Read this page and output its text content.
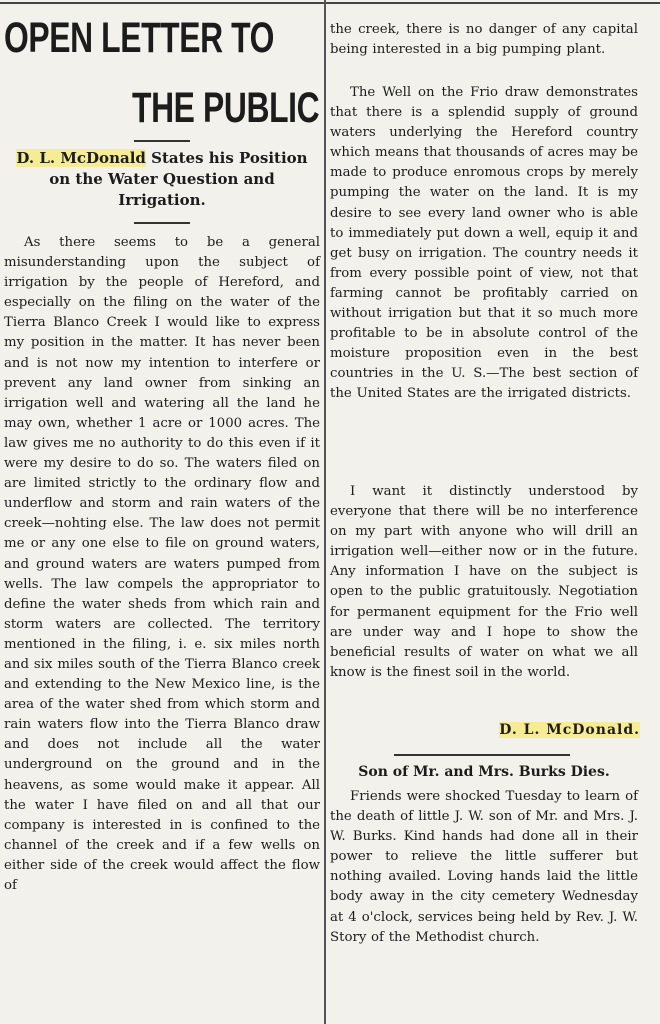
OPEN LETTER TO
THE PUBLIC
D. L. McDonald States his Position on the Water Question and Irrigation.

As there seems to be a general misunderstanding upon the subject of irrigation by the people of Hereford, and especially on the filing on the water of the Tierra Blanco Creek I would like to express my position in the matter. It has never been and is not now my intention to interfere or prevent any land owner from sinking an irrigation well and watering all the land he may own, whether 1 acre or 1000 acres. The law gives me no authority to do this even if it were my desire to do so. The waters filed on are limited strictly to the ordinary flow and underflow and storm and rain waters of the creek—nohting else. The law does not permit me or any one else to file on ground waters, and ground waters are waters pumped from wells. The law compels the appropriator to define the water sheds from which rain and storm waters are collected. The territory mentioned in the filing, i. e. six miles north and six miles south of the Tierra Blanco creek and extending to the New Mexico line, is the area of the water shed from which storm and rain waters flow into the Tierra Blanco draw and does not include all the water underground on the ground and in the heavens, as some would make it appear. All the water I have filed on and all that our company is interested in is confined to the channel of the creek and if a few wells on either side of the creek would affect the flow of

the creek, there is no danger of any capital being interested in a big pumping plant.

The Well on the Frio draw demonstrates that there is a splendid supply of ground waters underlying the Hereford country which means that thousands of acres may be made to produce enromous crops by merely pumping the water on the land. It is my desire to see every land owner who is able to immediately put down a well, equip it and get busy on irrigation. The country needs it from every possible point of view, not that farming cannot be profitably carried on without irrigation but that it so much more profitable to be in absolute control of the moisture proposition even in the best countries in the U. S.—The best section of the United States are the irrigated districts.

I want it distinctly understood by everyone that there will be no interference on my part with anyone who will drill an irrigation well—either now or in the future. Any information I have on the subject is open to the public gratuitously. Negotiation for permanent equipment for the Frio well are under way and I hope to show the beneficial results of water on what we all know is the finest soil in the world.

D. L. McDonald.
Son of Mr. and Mrs. Burks Dies.

Friends were shocked Tuesday to learn of the death of little J. W. son of Mr. and Mrs. J. W. Burks. Kind hands had done all in their power to relieve the little sufferer but nothing availed. Loving hands laid the little body away in the city cemetery Wednesday at 4 o'clock, services being held by Rev. J. W. Story of the Methodist church.
